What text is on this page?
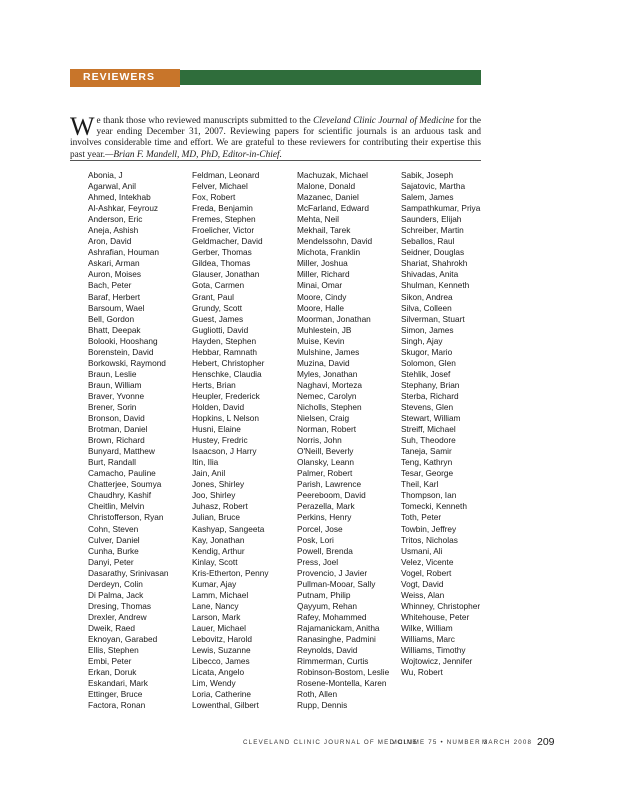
REVIEWERS 2007
We thank those who reviewed manuscripts submitted to the Cleveland Clinic Journal of Medicine for the year ending December 31, 2007. Reviewing papers for scientific journals is an arduous task and involves considerable time and effort. We are grateful to these reviewers for contributing their expertise this past year.—Brian F. Mandell, MD, PhD, Editor-in-Chief.
Abonia, J
Agarwal, Anil
Ahmed, Intekhab
Al-Ashkar, Feyrouz
Anderson, Eric
Aneja, Ashish
Aron, David
Ashrafian, Houman
Askari, Arman
Auron, Moises
Bach, Peter
Baraf, Herbert
Barsoum, Wael
Bell, Gordon
Bhatt, Deepak
Bolooki, Hooshang
Borenstein, David
Borkowski, Raymond
Braun, Leslie
Braun, William
Braver, Yvonne
Brener, Sorin
Bronson, David
Brotman, Daniel
Brown, Richard
Bunyard, Matthew
Burt, Randall
Camacho, Pauline
Chatterjee, Soumya
Chaudhry, Kashif
Cheitlin, Melvin
Christofferson, Ryan
Cohn, Steven
Culver, Daniel
Cunha, Burke
Danyi, Peter
Dasarathy, Srinivasan
Derdeyn, Colin
Di Palma, Jack
Dresing, Thomas
Drexler, Andrew
Dweik, Raed
Eknoyan, Garabed
Ellis, Stephen
Embi, Peter
Erkan, Doruk
Eskandari, Mark
Ettinger, Bruce
Factora, Ronan
Feldman, Leonard
Felver, Michael
Fox, Robert
Freda, Benjamin
Fremes, Stephen
Froelicher, Victor
Geldmacher, David
Gerber, Thomas
Gildea, Thomas
Glauser, Jonathan
Gota, Carmen
Grant, Paul
Grundy, Scott
Guest, James
Gugliotti, David
Hayden, Stephen
Hebbar, Ramnath
Hebert, Christopher
Henschke, Claudia
Herts, Brian
Heupler, Frederick
Holden, David
Hopkins, L Nelson
Husni, Elaine
Hustey, Fredric
Isaacson, J Harry
Itin, Ilia
Jain, Anil
Jones, Shirley
Joo, Shirley
Juhasz, Robert
Julian, Bruce
Kashyap, Sangeeta
Kay, Jonathan
Kendig, Arthur
Kinlay, Scott
Kris-Etherton, Penny
Kumar, Ajay
Lamm, Michael
Lane, Nancy
Larson, Mark
Lauer, Michael
Lebovitz, Harold
Lewis, Suzanne
Libecco, James
Licata, Angelo
Lim, Wendy
Loria, Catherine
Lowenthal, Gilbert
Machuzak, Michael
Malone, Donald
Mazanec, Daniel
McFarland, Edward
Mehta, Neil
Mekhail, Tarek
Mendelssohn, David
Michota, Franklin
Miller, Joshua
Miller, Richard
Minai, Omar
Moore, Cindy
Moore, Halle
Moorman, Jonathan
Muhlestein, JB
Muise, Kevin
Mulshine, James
Muzina, David
Myles, Jonathan
Naghavi, Morteza
Nemec, Carolyn
Nicholls, Stephen
Nielsen, Craig
Norman, Robert
Norris, John
O'Neill, Beverly
Olansky, Leann
Palmer, Robert
Parish, Lawrence
Peereboom, David
Perazella, Mark
Perkins, Henry
Porcel, Jose
Posk, Lori
Powell, Brenda
Press, Joel
Provencio, J Javier
Pullman-Mooar, Sally
Putnam, Philip
Qayyum, Rehan
Rafey, Mohammed
Rajamanickam, Anitha
Ranasinghe, Padmini
Reynolds, David
Rimmerman, Curtis
Robinson-Bostom, Leslie
Rosene-Montella, Karen
Roth, Allen
Rupp, Dennis
Sabik, Joseph
Sajatovic, Martha
Salem, James
Sampathkumar, Priya
Saunders, Elijah
Schreiber, Martin
Seballos, Raul
Seidner, Douglas
Shariat, Shahrokh
Shivadas, Anita
Shulman, Kenneth
Sikon, Andrea
Silva, Colleen
Silverman, Stuart
Simon, James
Singh, Ajay
Skugor, Mario
Solomon, Glen
Stehlik, Josef
Stephany, Brian
Sterba, Richard
Stevens, Glen
Stewart, William
Streiff, Michael
Suh, Theodore
Taneja, Samir
Teng, Kathryn
Tesar, George
Theil, Karl
Thompson, Ian
Tomecki, Kenneth
Toth, Peter
Towbin, Jeffrey
Tritos, Nicholas
Usmani, Ali
Velez, Vicente
Vogel, Robert
Vogt, David
Weiss, Alan
Whinney, Christopher
Whitehouse, Peter
Wilke, William
Williams, Marc
Williams, Timothy
Wojtowicz, Jennifer
Wu, Robert
CLEVELAND CLINIC JOURNAL OF MEDICINE
VOLUME 75 • NUMBER 3
MARCH 2008 209
